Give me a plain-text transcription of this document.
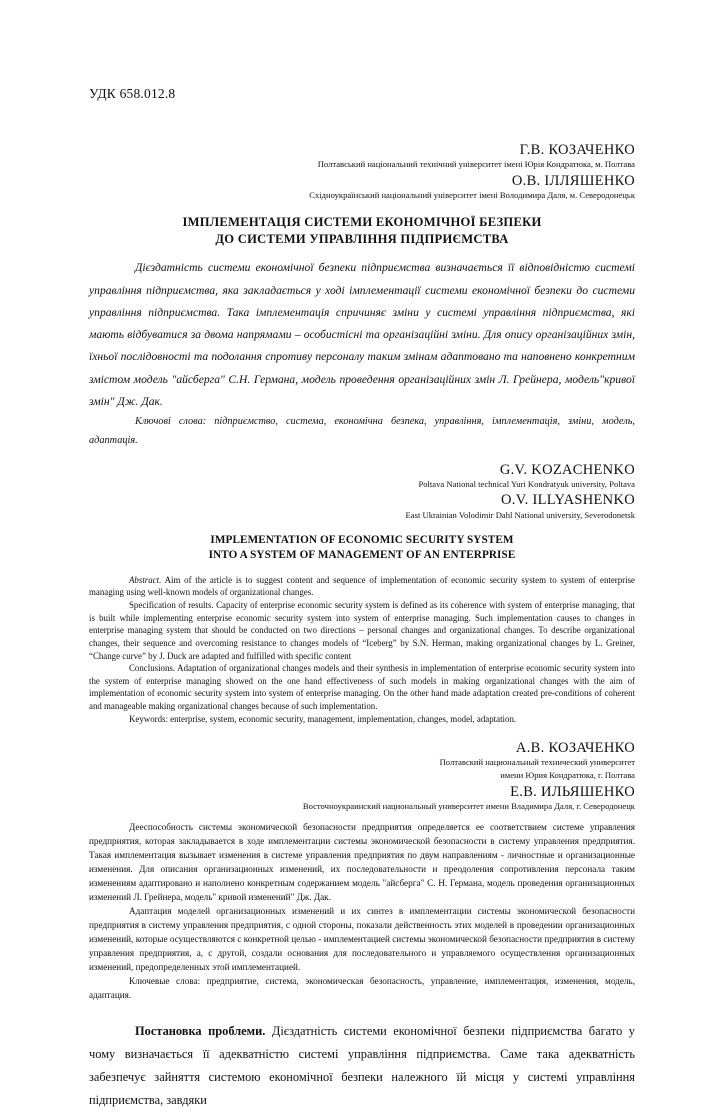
УДК 658.012.8
Г.В. КОЗАЧЕНКО
Полтавський національний технічний університет імені Юрія Кондратюка, м. Полтава
О.В. ІЛЛЯШЕНКО
Східноукраїнський національний університет імені Володимира Даля, м. Северодонецьк
ІМПЛЕМЕНТАЦІЯ СИСТЕМИ ЕКОНОМІЧНОЇ БЕЗПЕКИ
ДО СИСТЕМИ УПРАВЛІННЯ ПІДПРИЄМСТВА

Дієздатність системи економічної безпеки підприємства визначається її відповідністю системі управління підприємства, яка закладається у ході імплементації системи економічної безпеки до системи управління підприємства. Така імплементація спричиняє зміни у системі управління підприємства, які мають відбуватися за двома напрямами – особистісні та організаційні зміни. Для опису організаційних змін, їхньої послідовності та подолання спротиву персоналу таким змінам адаптовано та наповнено конкретним змістом модель "айсберга" С.Н. Германа, модель проведення організаційних змін Л. Грейнера, модель"кривої змін" Дж. Дак.

Ключові слова: підприємство, система, економічна безпека, управління, імплементація, зміни, модель, адаптація.

G.V. KOZACHENKO
Poltava National technical Yuri Kondratyuk university, Poltava
O.V. ILLYASHENKO
East Ukrainian Volodimir Dahl National university, Severodonetsk
IMPLEMENTATION OF ECONOMIC SECURITY SYSTEM
INTO A SYSTEM OF MANAGEMENT OF AN ENTERPRISE

Abstract. Aim of the article is to suggest content and sequence of implementation of economic security system to system of enterprise managing using well-known models of organizational changes.

Specification of results. Capacity of enterprise economic security system is defined as its coherence with system of enterprise managing, that is built while implementing enterprise economic security system into system of enterprise managing. Such implementation causes to changes in enterprise managing system that should be conducted on two directions – personal changes and organizational changes. To describe organizational changes, their sequence and overcoming resistance to changes models of “Iceberg” by S.N. Herman, making organizational changes by L. Greiner, “Change curve” by J. Duck are adapted and fulfilled with specific content

Conclusions. Adaptation of organizational changes models and their synthesis in implementation of enterprise economic security system into the system of enterprise managing showed on the one hand effectiveness of such models in making organizational changes with the aim of implementation of economic security system into system of enterprise managing. On the other hand made adaptation created pre-conditions of coherent and manageable making organizational changes because of such implementation.

Keywords: enterprise, system, economic security, management, implementation, changes, model, adaptation.

А.В. КОЗАЧЕНКО
Полтавский национальный технический университет
имени Юрия Кондратюка, г. Полтава
Е.В. ИЛЬЯШЕНКО
Восточноукраинский национальный университет имени Владимира Даля, г. Северодонецк

Дееспособность системы экономической безопасности предприятия определяется ее соответствием системе управления предприятия, которая закладывается в ходе имплементации системы экономической безопасности в систему управления предприятия. Такая имплементация вызывает изменения в системе управления предприятия по двум направлениям - личностные и организационные изменения. Для описания организационных изменений, их последовательности и преодоления сопротивления персонала таким изменениям адаптировано и наполнено конкретным содержанием модель "айсберга" С. Н. Германа, модель проведения организационных изменений Л. Грейнера, модель" кривой изменений" Дж. Дак.

Адаптация моделей организационных изменений и их синтез в имплементации системы экономической безопасности предприятия в систему управления предприятия, с одной стороны, показали действенность этих моделей в проведении организационных изменений, которые осуществляются с конкретной целью - имплементацией системы экономической безопасности предприятия в систему управления предприятия, а, с другой, создали основания для последовательного и управляемого осуществления организационных изменений, предопределенных этой имплементацией.

Ключевые слова: предприятие, система, экономическая безопасность, управление, имплементация, изменения, модель, адаптация.

Постановка проблеми. Дієздатність системи економічної безпеки підприємства багато у чому визначається її адекватністю системі управління підприємства. Саме така адекватність забезпечує зайняття системою економічної безпеки належного їй місця у системі управління підприємства, завдяки
